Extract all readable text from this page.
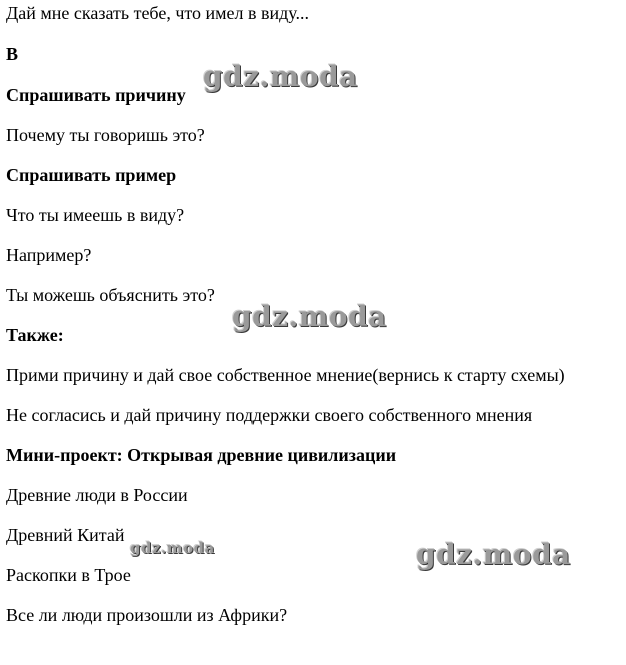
Дай мне сказать тебе, что имел в виду...
B
Спрашивать причину
Почему ты говоришь это?
Спрашивать пример
Что ты имеешь в виду?
Например?
Ты можешь объяснить это?
Также:
Прими причину и дай свое собственное мнение(вернись к старту схемы)
Не согласись и дай причину поддержки своего собственного мнения
Мини-проект: Открывая древние цивилизации
Древние люди в России
Древний Китай
Раскопки в Трое
Все ли люди произошли из Африки?
gdz.moda
gdz.moda
gdz.moda	gdz.moda
